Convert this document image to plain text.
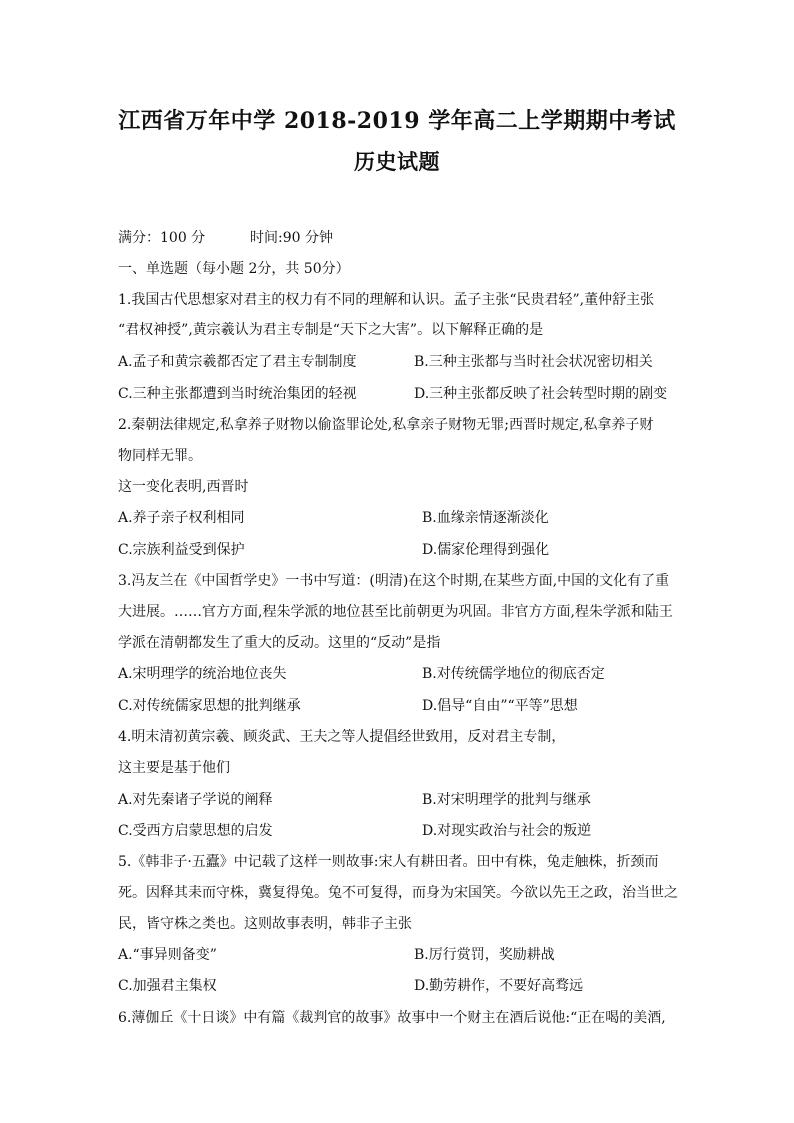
江西省万年中学 2018-2019 学年高二上学期期中考试
历史试题
满分：100 分	时间:90 分钟
一、单选题（每小题 2分，共 50分）
1.我国古代思想家对君主的权力有不同的理解和认识。孟子主张“民贵君轻”,董仲舒主张
“君权神授”,黄宗羲认为君主专制是“天下之大害”。以下解释正确的是
A.孟子和黄宗羲都否定了君主专制制度	B.三种主张都与当时社会状况密切相关
C.三种主张都遭到当时统治集团的轻视	D.三种主张都反映了社会转型时期的剧变
2.秦朝法律规定,私拿养子财物以偷盗罪论处,私拿亲子财物无罪;西晋时规定,私拿养子财
物同样无罪。
这一变化表明,西晋时
A.养子亲子权利相同	B.血缘亲情逐渐淡化
C.宗族利益受到保护	D.儒家伦理得到强化
3.冯友兰在《中国哲学史》一书中写道：(明清)在这个时期,在某些方面,中国的文化有了重
大进展。……官方方面,程朱学派的地位甚至比前朝更为巩固。非官方方面,程朱学派和陆王
学派在清朝都发生了重大的反动。这里的“反动”是指
A.宋明理学的统治地位丧失	B.对传统儒学地位的彻底否定
C.对传统儒家思想的批判继承	D.倡导“自由”“平等”思想
4.明末清初黄宗羲、顾炎武、王夫之等人提倡经世致用，反对君主专制，
这主要是基于他们
A.对先秦诸子学说的阐释	B.对宋明理学的批判与继承
C.受西方启蒙思想的启发	D.对现实政治与社会的叛逆
5.《韩非子·五蠹》中记载了这样一则故事:宋人有耕田者。田中有株，兔走触株，折颈而
死。因释其耒而守株，冀复得兔。兔不可复得，而身为宋国笑。今欲以先王之政，治当世之
民，皆守株之类也。这则故事表明，韩非子主张
A.“事异则备变”	B.厉行赏罚，奖励耕战
C.加强君主集权	D.勤劳耕作，不要好高骛远
6.薄伽丘《十日谈》中有篇《裁判官的故事》故事中一个财主在酒后说他:“正在喝的美酒,
